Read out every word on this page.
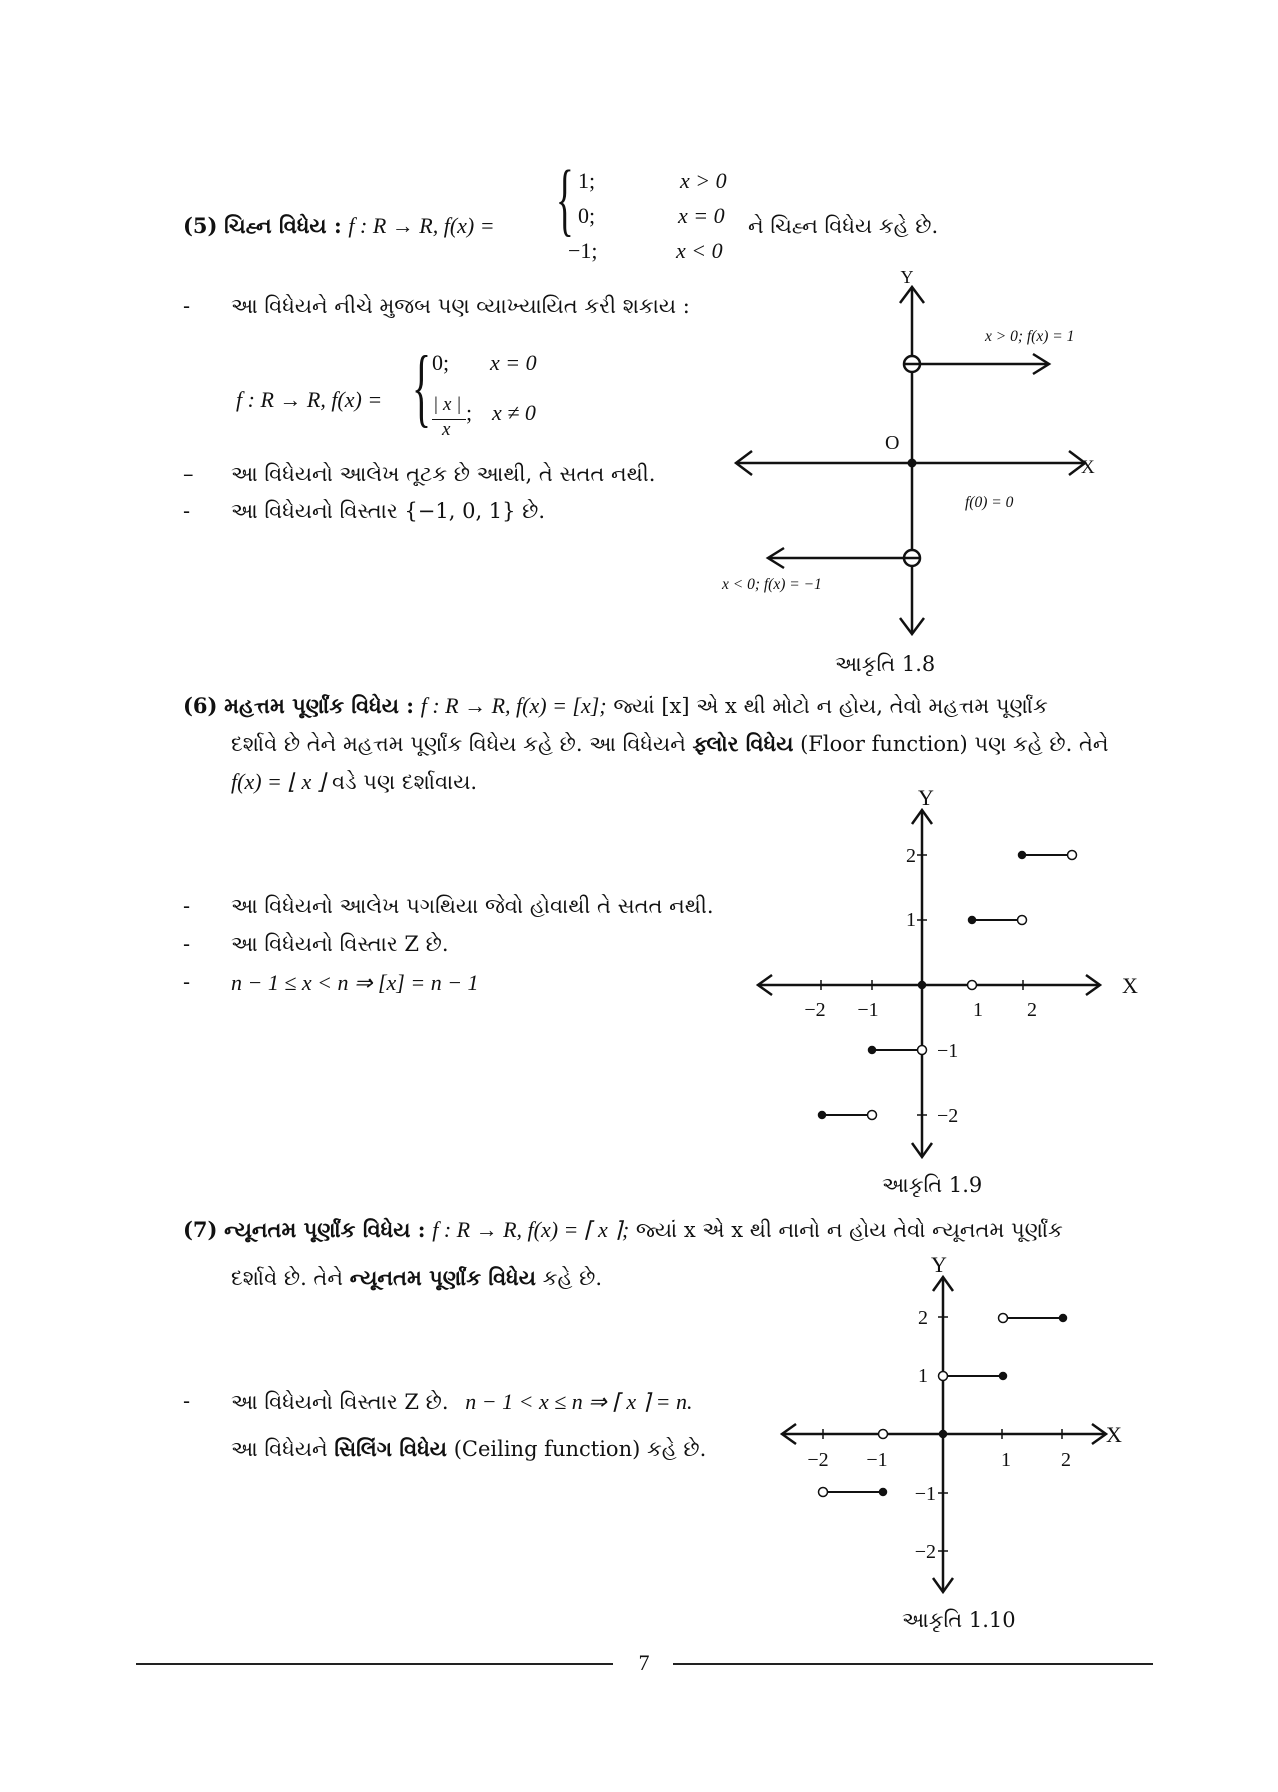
(5) ચિહ્ન વિધેય : f : R → R, f(x) = { 1;	x > 0
0;	x = 0
−1;	x < 0
ને ચિહ્ન વિધેય કહે છે.
- આ વિધેયને નીચે મુજબ પણ વ્યાખ્યાયિત કરી શકાય :
f : R → R, f(x) = { 0; x = 0
| x |
x
; x ≠ 0
– આ વિધેયનો આલેખ તૂટક છે આથી, તે સતત નથી.
- આ વિધેયનો વિસ્તાર {−1, 0, 1} છે.
Y
X
O
x > 0; f(x) = 1
f(0) = 0
x < 0; f(x) = −1
આકૃતિ 1.8
(6) મહત્તમ પૂર્ણાંક વિધેય : f : R → R, f(x) = [x]; જ્યાં [x] એ x થી મોટો ન હોય, તેવો મહત્તમ પૂર્ણાંક
દર્શાવે છે તેને મહત્તમ પૂર્ણાંક વિધેય કહે છે. આ વિધેયને ફ્લોર વિધેય (Floor function) પણ કહે છે. તેને
f(x) = ⌊ x ⌋ વડે પણ દર્શાવાય.
- આ વિધેયનો આલેખ પગથિયા જેવો હોવાથી તે સતત નથી.
- આ વિધેયનો વિસ્તાર Z છે.
- n − 1 ≤ x < n ⇒ [x] = n − 1
Y
X
−2 −1	1 2
2
1
−1
−2
આકૃતિ 1.9
(7) ન્યૂનતમ પૂર્ણાંક વિધેય : f : R → R, f(x) = ⌈ x ⌉; જ્યાં x એ x થી નાનો ન હોય તેવો ન્યૂનતમ પૂર્ણાંક
દર્શાવે છે. તેને ન્યૂનતમ પૂર્ણાંક વિધેય કહે છે.
- આ વિધેયનો વિસ્તાર Z છે. n − 1 < x ≤ n ⇒ ⌈ x ⌉ = n.
આ વિધેયને સિલિંગ વિધેય (Ceiling function) કહે છે.
Y
X
−2 −1	1	2
2
1
−1
−2
આકૃતિ 1.10
7
